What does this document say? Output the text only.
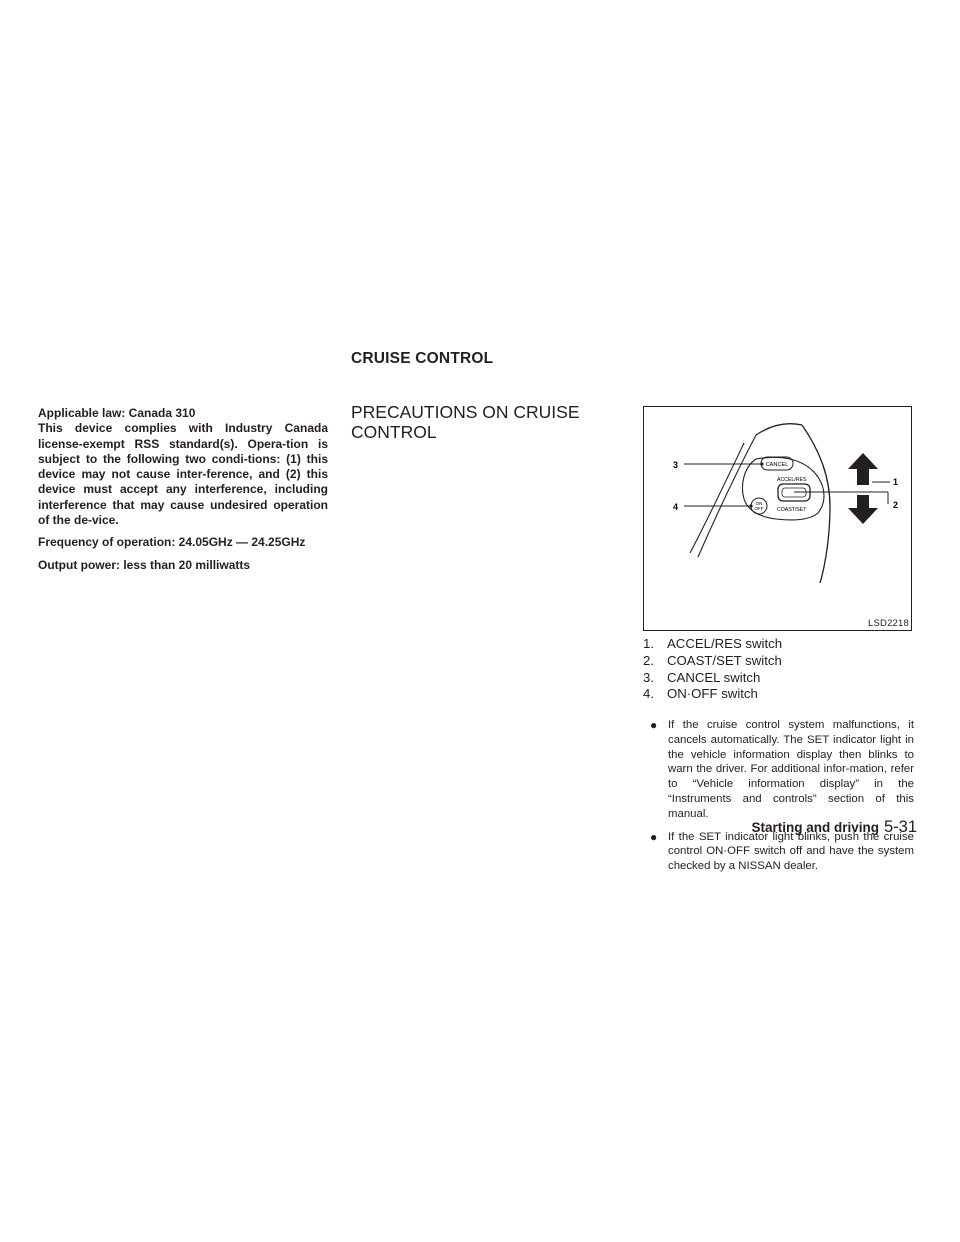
CRUISE CONTROL

Applicable law: Canada 310

This device complies with Industry Canada license-exempt RSS standard(s). Opera-tion is subject to the following two condi-tions: (1) this device may not cause inter-ference, and (2) this device must accept any interference, including interference that may cause undesired operation of the de-vice.

Frequency of operation: 24.05GHz — 24.25GHz

Output power: less than 20 milliwatts

PRECAUTIONS ON CRUISE CONTROL
CANCEL
ACCEL/RES
ON
OFF	COAST/SET
3
4
1
2
LSD2218
1. ACCEL/RES switch
2. COAST/SET switch
3. CANCEL switch
4. ON·OFF switch
● If the cruise control system malfunctions, it cancels automatically. The SET indicator light in the vehicle information display then blinks to warn the driver. For additional infor-mation, refer to “Vehicle information display” in the “Instruments and controls” section of this manual.
● If the SET indicator light blinks, push the cruise control ON·OFF switch off and have the system checked by a NISSAN dealer.
Starting and driving 5-31
